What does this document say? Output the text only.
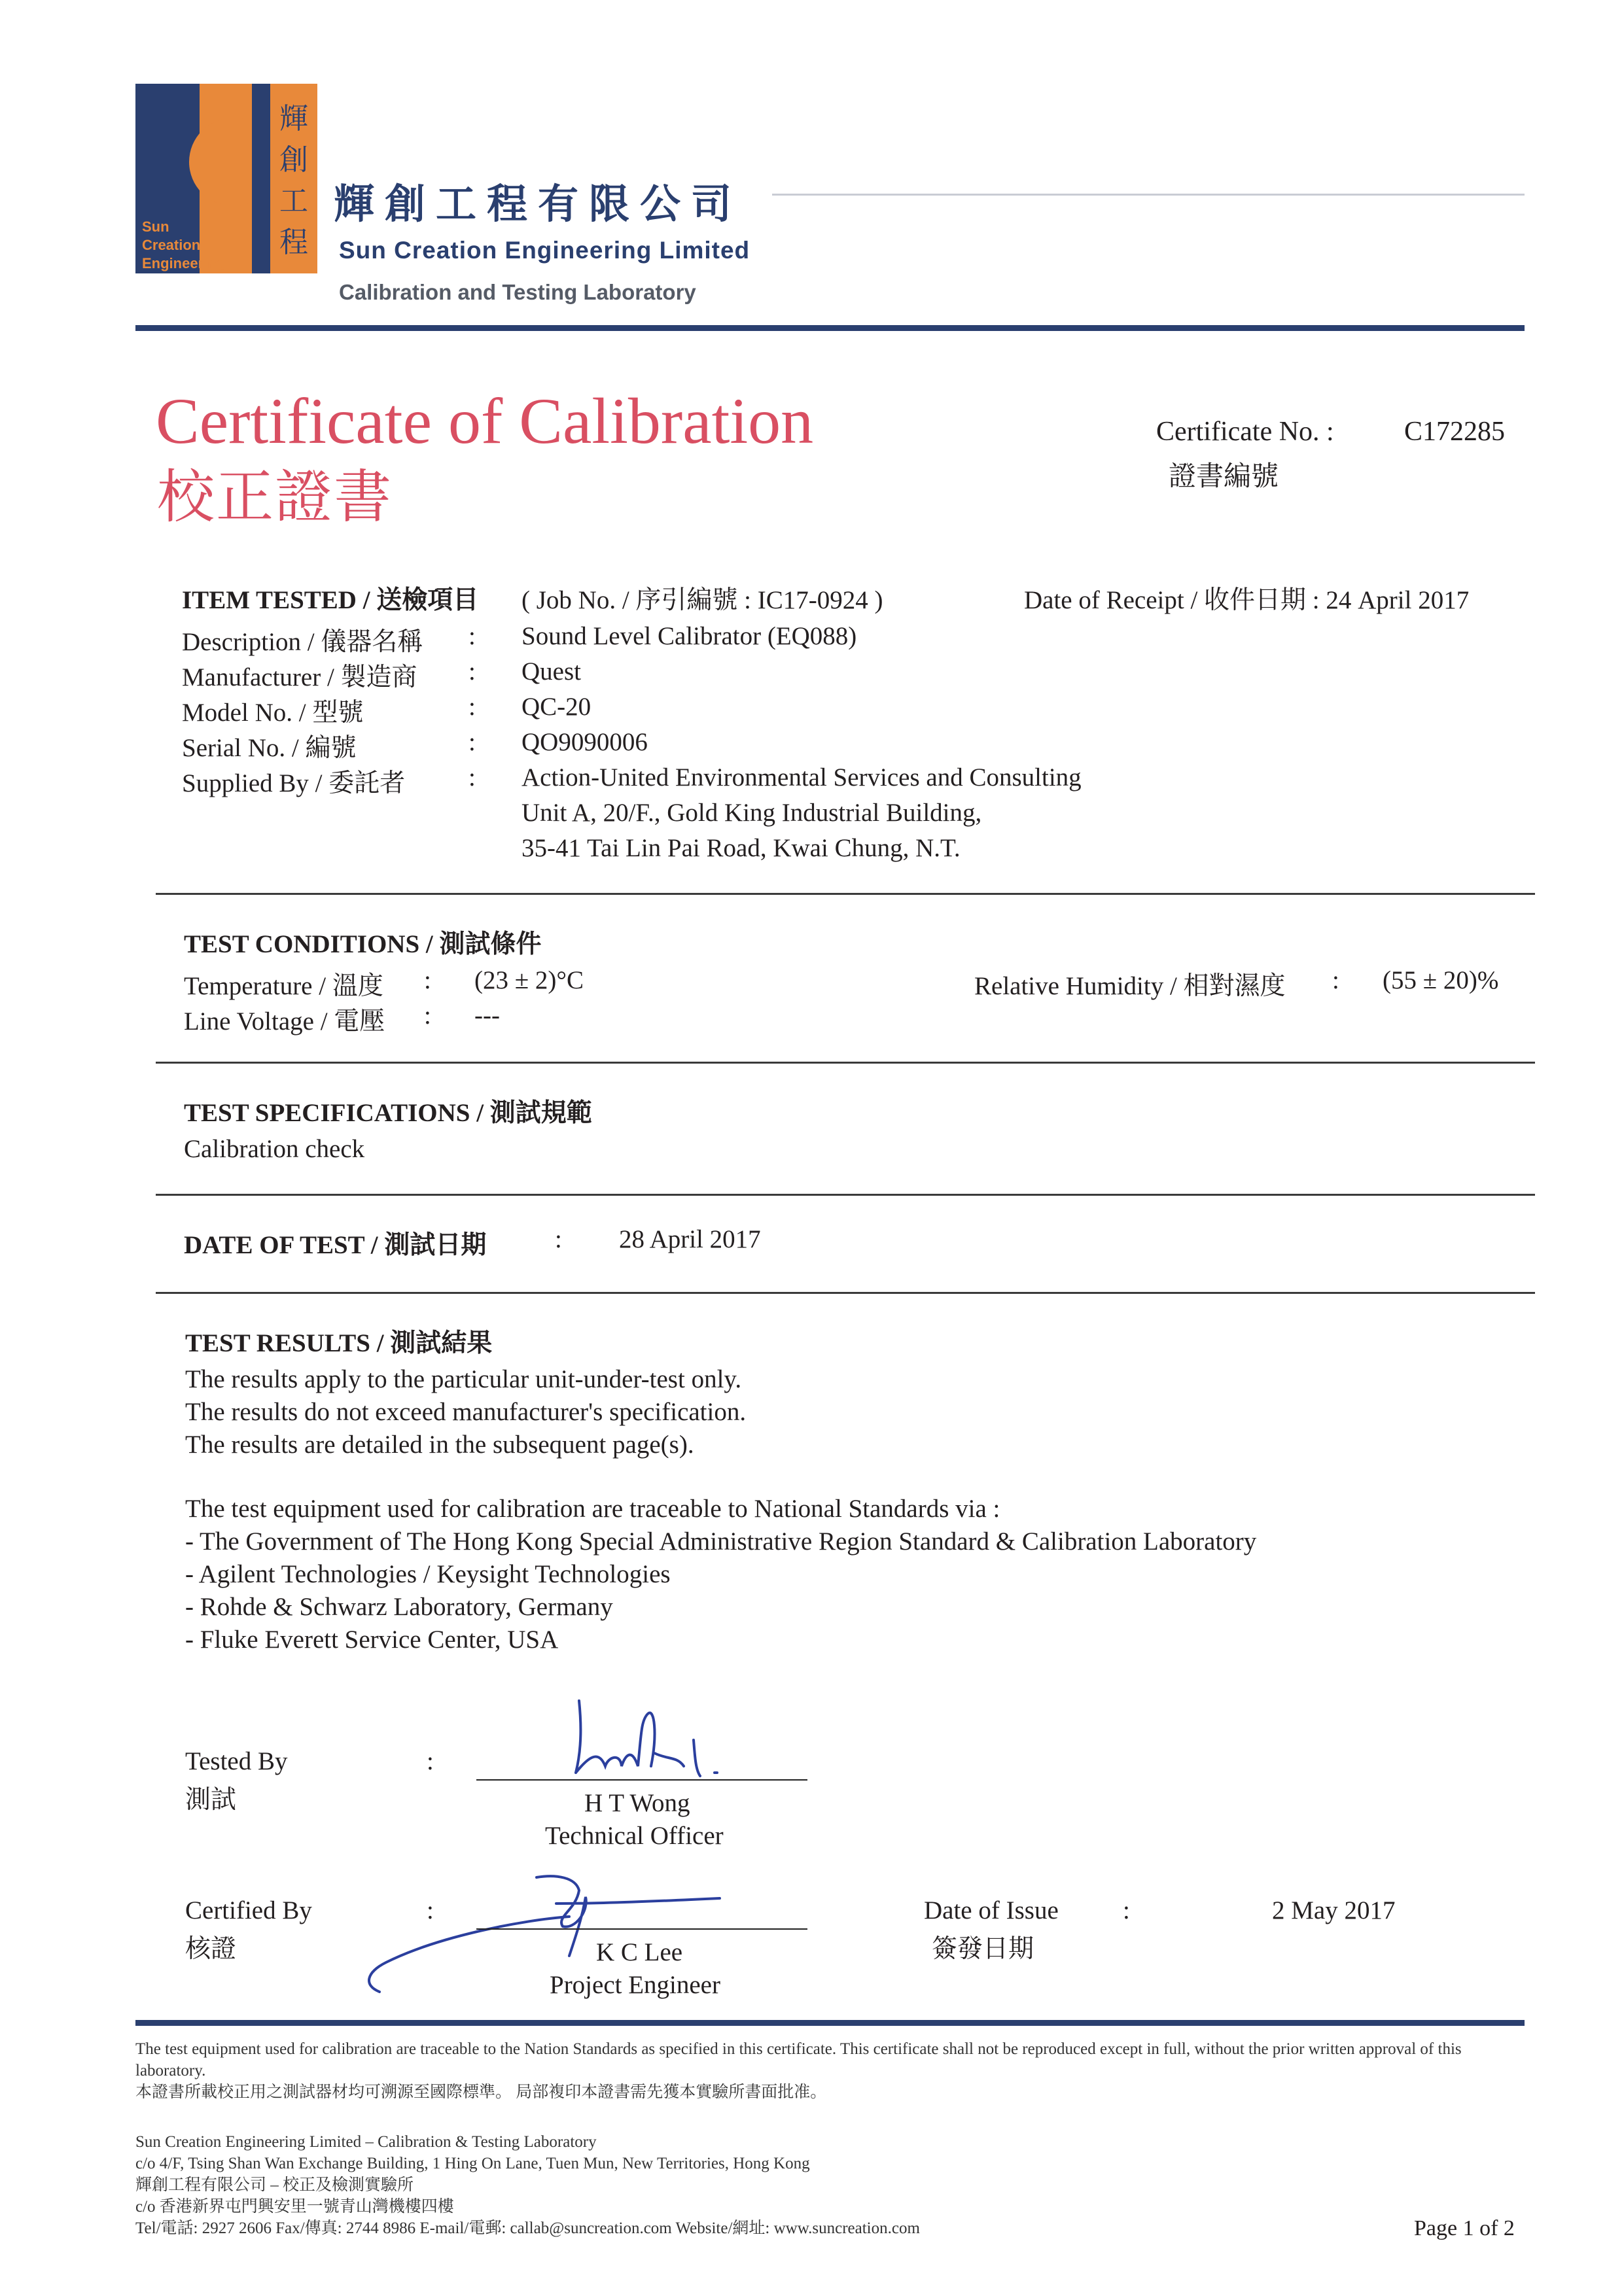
輝
創
工
程
Sun
Creation
Engineering
輝創工程有限公司
Sun Creation Engineering Limited
Calibration and Testing Laboratory
Certificate of Calibration
校正證書
Certificate No. :	C172285
證書編號
ITEM TESTED / 送檢項目 ( Job No. / 序引編號 : IC17-0924 )	Date of Receipt / 收件日期 : 24 April 2017
Description / 儀器名稱 : Sound Level Calibrator (EQ088)
Manufacturer / 製造商 : Quest
Model No. / 型號	: QC-20
Serial No. / 編號	: QO9090006
Supplied By / 委託者 : Action-United Environmental Services and Consulting
Unit A, 20/F., Gold King Industrial Building,
35-41 Tai Lin Pai Road, Kwai Chung, N.T.
TEST CONDITIONS / 測試條件
Temperature / 溫度 : (23 ± 2)°C	Relative Humidity / 相對濕度 : (55 ± 20)%
Line Voltage / 電壓 : ---
TEST SPECIFICATIONS / 測試規範
Calibration check
DATE OF TEST / 測試日期	: 28 April 2017
TEST RESULTS / 測試結果
The results apply to the particular unit-under-test only.
The results do not exceed manufacturer's specification.
The results are detailed in the subsequent page(s).
The test equipment used for calibration are traceable to National Standards via :
- The Government of The Hong Kong Special Administrative Region Standard & Calibration Laboratory
- Agilent Technologies / Keysight Technologies
- Rohde & Schwarz Laboratory, Germany
- Fluke Everett Service Center, USA
Tested By
測試
:
H T Wong
Technical Officer
Certified By
核證
:
K C Lee
Project Engineer
Date of Issue
簽發日期
:	2 May 2017
The test equipment used for calibration are traceable to the Nation Standards as specified in this certificate. This certificate shall not be reproduced except in full, without the prior written approval of this laboratory.
本證書所載校正用之測試器材均可溯源至國際標準。 局部複印本證書需先獲本實驗所書面批准。
Sun Creation Engineering Limited – Calibration & Testing Laboratory
c/o 4/F, Tsing Shan Wan Exchange Building, 1 Hing On Lane, Tuen Mun, New Territories, Hong Kong
輝創工程有限公司 – 校正及檢測實驗所
c/o 香港新界屯門興安里一號青山灣機樓四樓
Tel/電話: 2927 2606 Fax/傳真: 2744 8986 E-mail/電郵: callab@suncreation.com Website/網址: www.suncreation.com	Page 1 of 2
